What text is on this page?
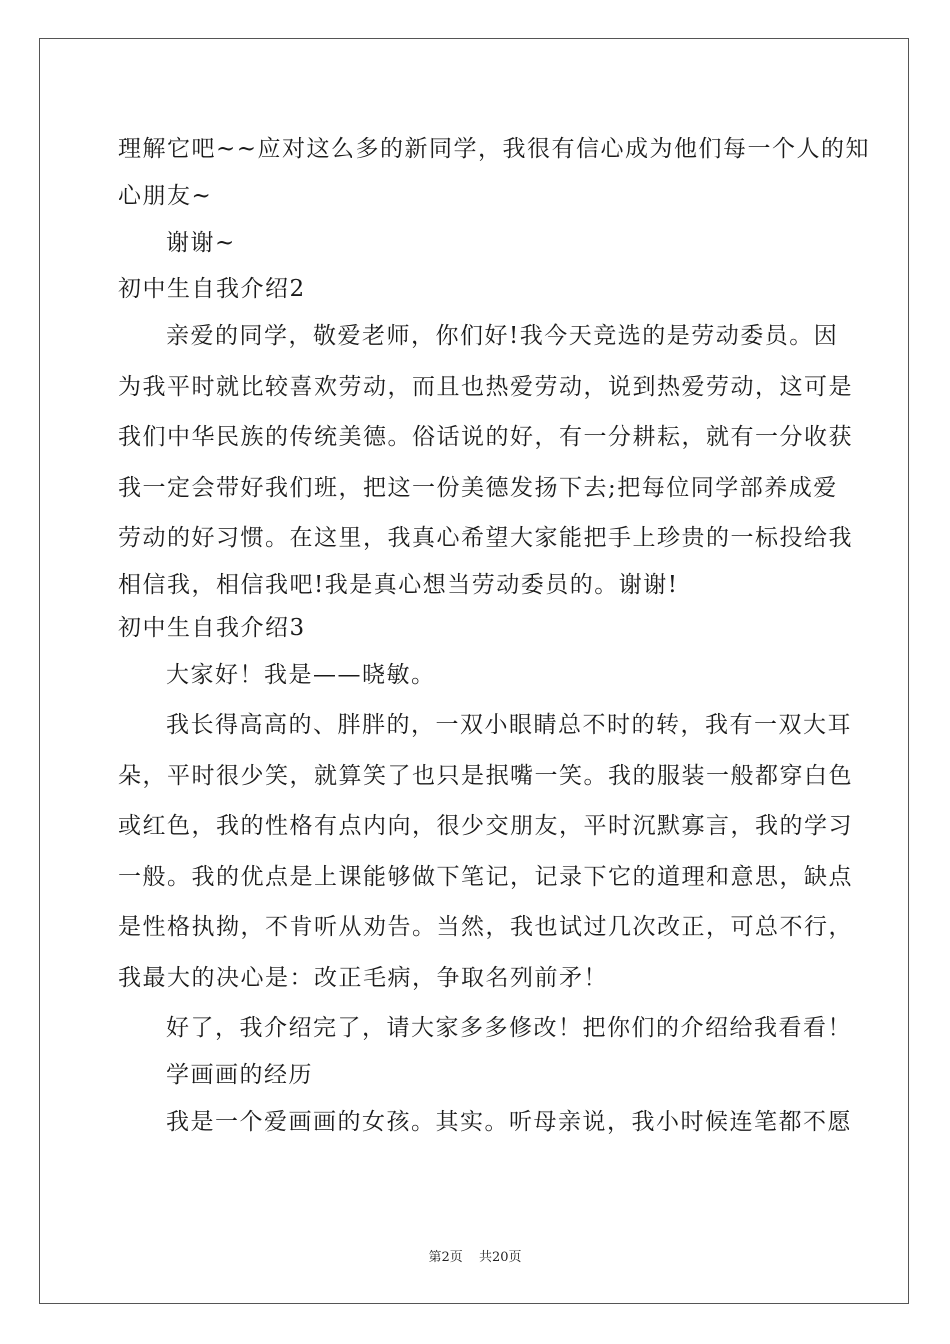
理解它吧~~应对这么多的新同学，我很有信心成为他们每一个人的知
心朋友~
谢谢~
初中生自我介绍2
亲爱的同学，敬爱老师，你们好!我今天竞选的是劳动委员。因
为我平时就比较喜欢劳动，而且也热爱劳动，说到热爱劳动，这可是
我们中华民族的传统美德。俗话说的好，有一分耕耘，就有一分收获
我一定会带好我们班，把这一份美德发扬下去;把每位同学部养成爱
劳动的好习惯。在这里，我真心希望大家能把手上珍贵的一标投给我
相信我，相信我吧!我是真心想当劳动委员的。谢谢!
初中生自我介绍3
大家好！我是——晓敏。
我长得高高的、胖胖的，一双小眼睛总不时的转，我有一双大耳
朵，平时很少笑，就算笑了也只是抿嘴一笑。我的服装一般都穿白色
或红色，我的性格有点内向，很少交朋友，平时沉默寡言，我的学习
一般。我的优点是上课能够做下笔记，记录下它的道理和意思，缺点
是性格执拗，不肯听从劝告。当然，我也试过几次改正，可总不行，
我最大的决心是：改正毛病，争取名列前矛！
好了，我介绍完了，请大家多多修改！把你们的介绍给我看看！
学画画的经历
我是一个爱画画的女孩。其实。听母亲说，我小时候连笔都不愿
第2页 共20页
